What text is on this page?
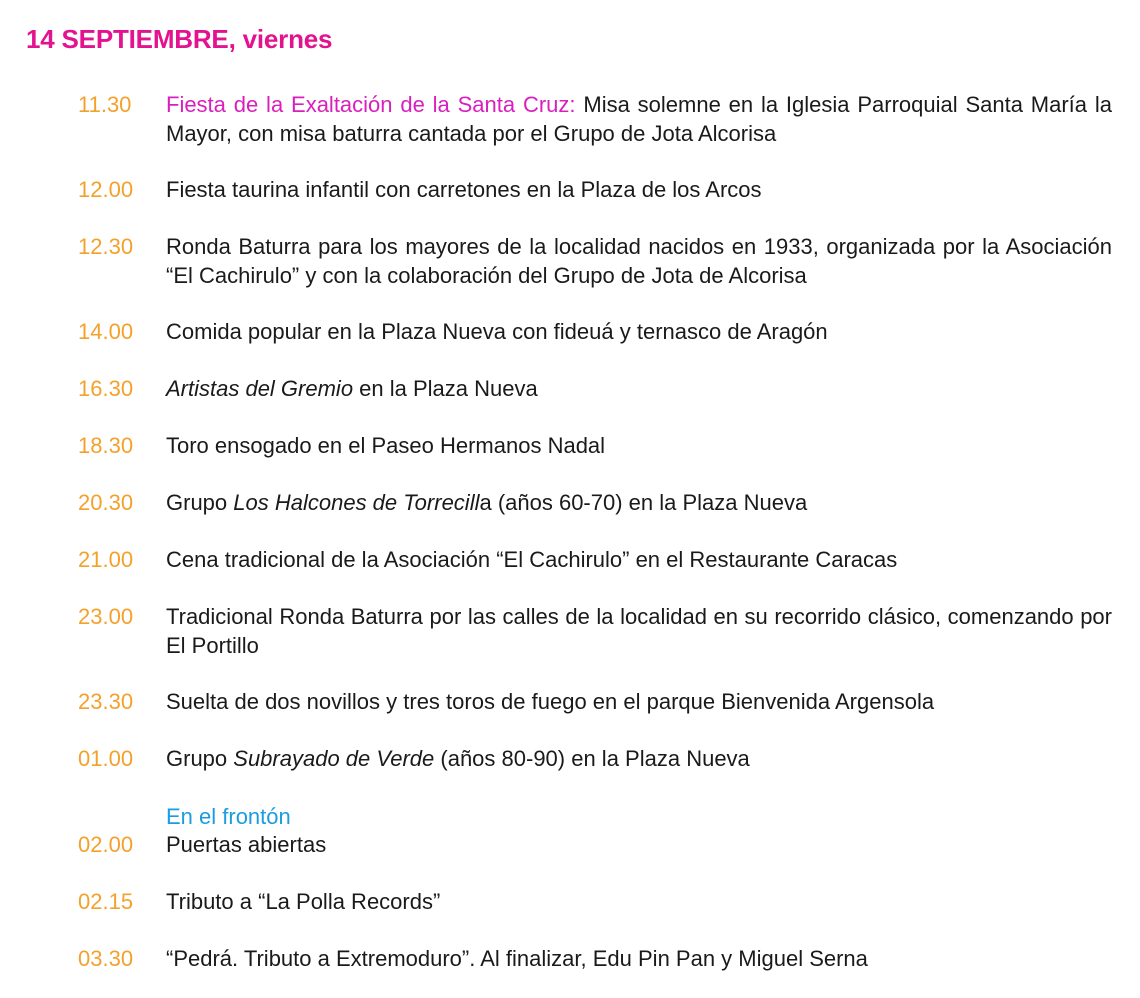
14 SEPTIEMBRE, viernes
11.30 Fiesta de la Exaltación de la Santa Cruz: Misa solemne en la Iglesia Parroquial Santa María la Mayor, con misa baturra cantada por el Grupo de Jota Alcorisa
12.00 Fiesta taurina infantil con carretones en la Plaza de los Arcos
12.30 Ronda Baturra para los mayores de la localidad nacidos en 1933, organizada por la Asociación “El Cachirulo” y con la colaboración del Grupo de Jota de Alcorisa
14.00 Comida popular en la Plaza Nueva con fideuá y ternasco de Aragón
16.30 Artistas del Gremio en la Plaza Nueva
18.30 Toro ensogado en el Paseo Hermanos Nadal
20.30 Grupo Los Halcones de Torrecilla (años 60-70) en la Plaza Nueva
21.00 Cena tradicional de la Asociación “El Cachirulo” en el Restaurante Caracas
23.00 Tradicional Ronda Baturra por las calles de la localidad en su recorrido clásico, comenzando por El Portillo
23.30 Suelta de dos novillos y tres toros de fuego en el parque Bienvenida Argensola
01.00 Grupo Subrayado de Verde (años 80-90) en la Plaza Nueva
En el frontón
02.00 Puertas abiertas
02.15 Tributo a “La Polla Records”
03.30 “Pedrá. Tributo a Extremoduro”. Al finalizar, Edu Pin Pan y Miguel Serna
